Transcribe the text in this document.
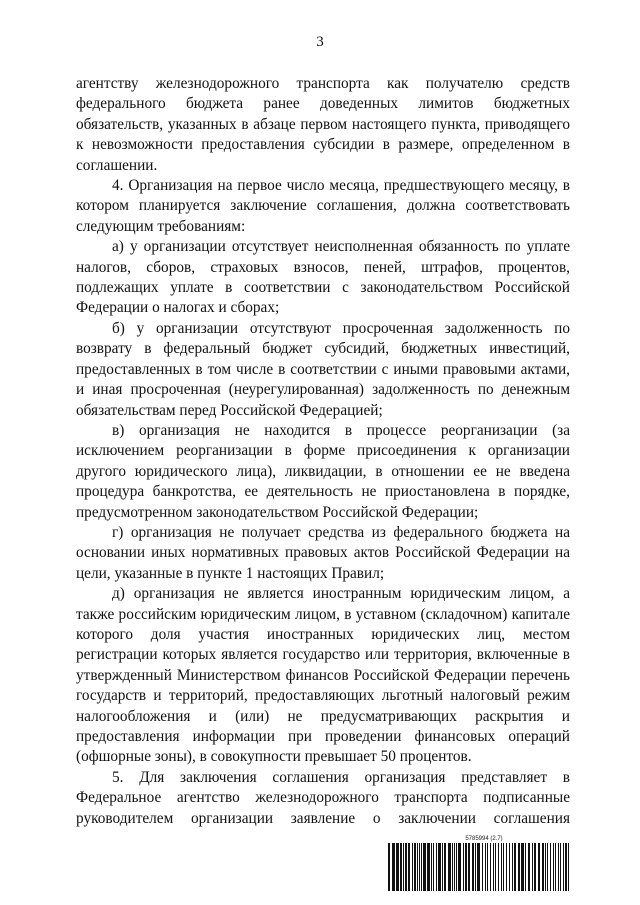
3

агентству железнодорожного транспорта как получателю средств федерального бюджета ранее доведенных лимитов бюджетных обязательств, указанных в абзаце первом настоящего пункта, приводящего к невозможности предоставления субсидии в размере, определенном в соглашении.

4. Организация на первое число месяца, предшествующего месяцу, в котором планируется заключение соглашения, должна соответствовать следующим требованиям:

а) у организации отсутствует неисполненная обязанность по уплате налогов, сборов, страховых взносов, пеней, штрафов, процентов, подлежащих уплате в соответствии с законодательством Российской Федерации о налогах и сборах;

б) у организации отсутствуют просроченная задолженность по возврату в федеральный бюджет субсидий, бюджетных инвестиций, предоставленных в том числе в соответствии с иными правовыми актами, и иная просроченная (неурегулированная) задолженность по денежным обязательствам перед Российской Федерацией;

в) организация не находится в процессе реорганизации (за исключением реорганизации в форме присоединения к организации другого юридического лица), ликвидации, в отношении ее не введена процедура банкротства, ее деятельность не приостановлена в порядке, предусмотренном законодательством Российской Федерации;

г) организация не получает средства из федерального бюджета на основании иных нормативных правовых актов Российской Федерации на цели, указанные в пункте 1 настоящих Правил;

д) организация не является иностранным юридическим лицом, а также российским юридическим лицом, в уставном (складочном) капитале которого доля участия иностранных юридических лиц, местом регистрации которых является государство или территория, включенные в утвержденный Министерством финансов Российской Федерации перечень государств и территорий, предоставляющих льготный налоговый режим налогообложения и (или) не предусматривающих раскрытия и предоставления информации при проведении финансовых операций (офшорные зоны), в совокупности превышает 50 процентов.

5. Для заключения соглашения организация представляет в Федеральное агентство железнодорожного транспорта подписанные руководителем организации заявление о заключении соглашения

5785994 (2.7)
